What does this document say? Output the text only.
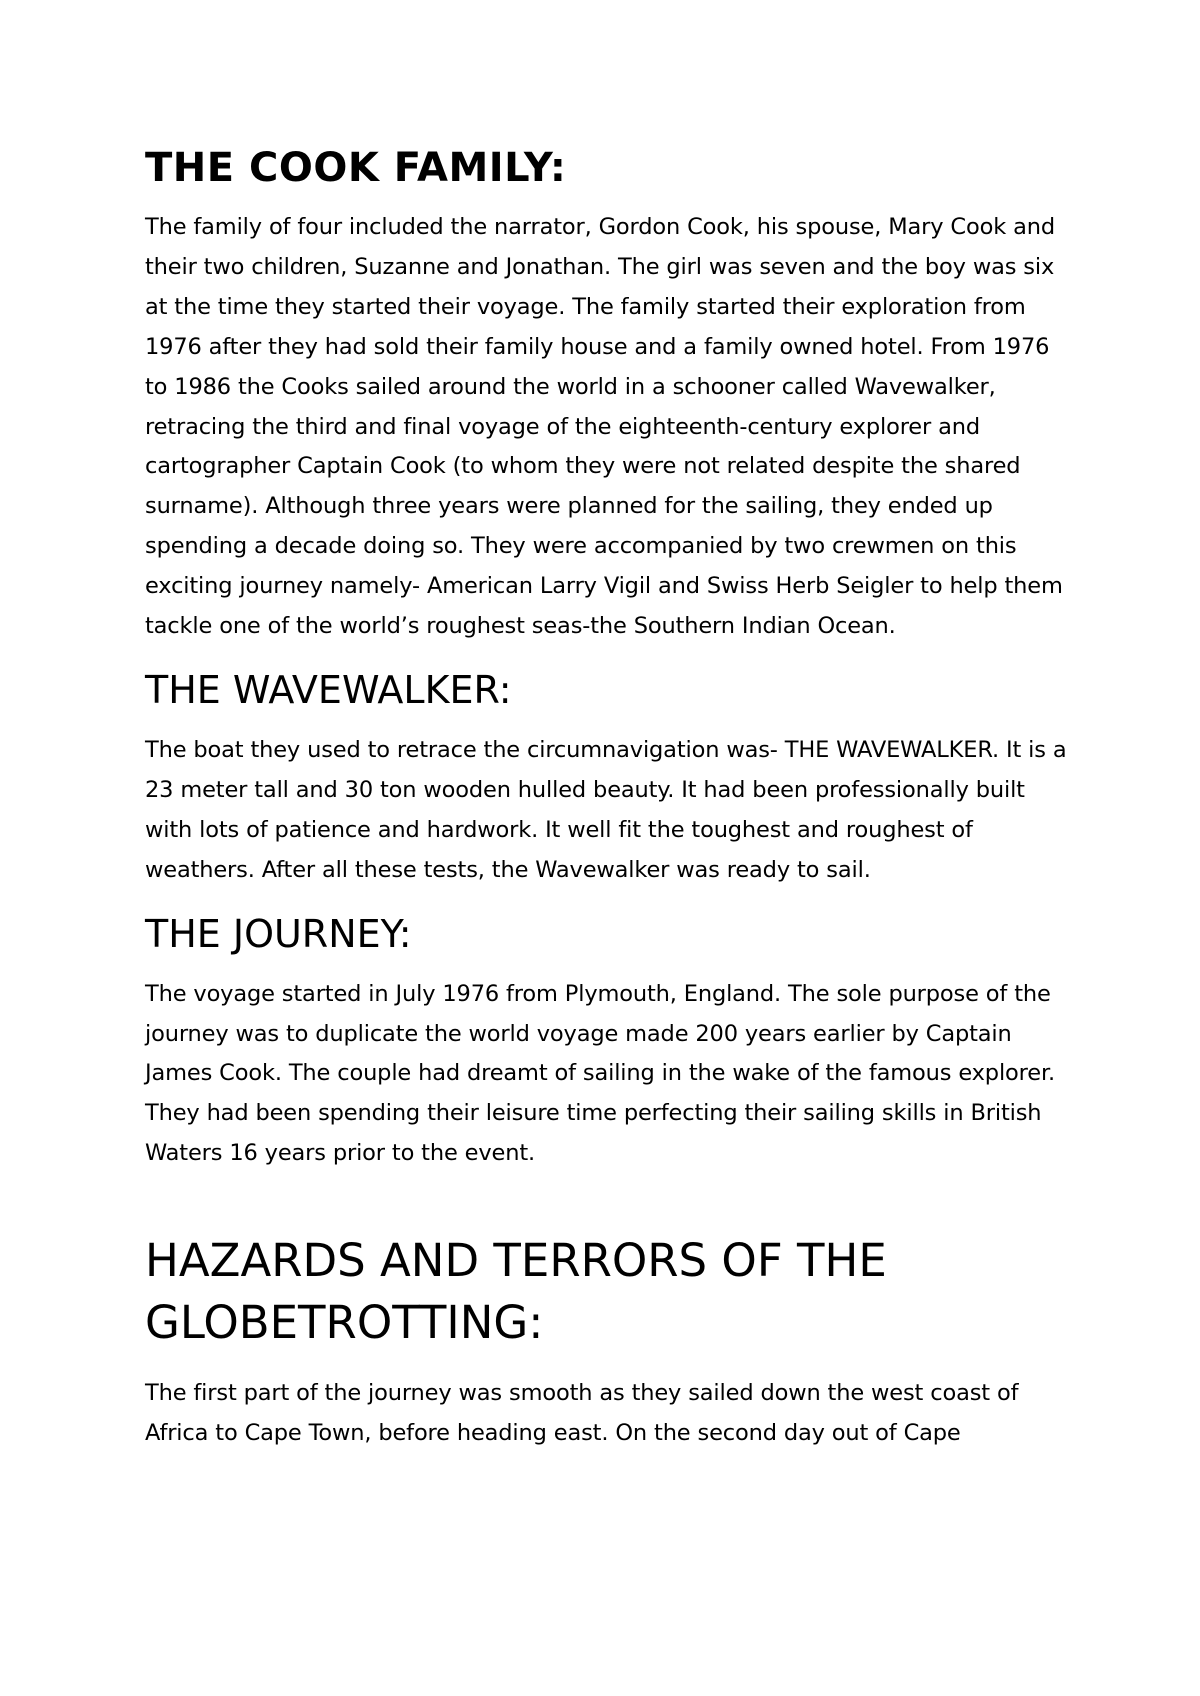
THE COOK FAMILY:

The family of four included the narrator, Gordon Cook, his spouse, Mary Cook and their two children, Suzanne and Jonathan. The girl was seven and the boy was six at the time they started their voyage. The family started their exploration from 1976 after they had sold their family house and a family owned hotel. From 1976 to 1986 the Cooks sailed around the world in a schooner called Wavewalker, retracing the third and final voyage of the eighteenth-century explorer and cartographer Captain Cook (to whom they were not related despite the shared surname). Although three years were planned for the sailing, they ended up spending a decade doing so. They were accompanied by two crewmen on this exciting journey namely- American Larry Vigil and Swiss Herb Seigler to help them tackle one of the world’s roughest seas-the Southern Indian Ocean.

THE WAVEWALKER:

The boat they used to retrace the circumnavigation was- THE WAVEWALKER. It is a 23 meter tall and 30 ton wooden hulled beauty. It had been professionally built with lots of patience and hardwork. It well fit the toughest and roughest of weathers. After all these tests, the Wavewalker was ready to sail.

THE JOURNEY:

The voyage started in July 1976 from Plymouth, England. The sole purpose of the journey was to duplicate the world voyage made 200 years earlier by Captain James Cook. The couple had dreamt of sailing in the wake of the famous explorer. They had been spending their leisure time perfecting their sailing skills in British Waters 16 years prior to the event.

HAZARDS AND TERRORS OF THE GLOBETROTTING:

The first part of the journey was smooth as they sailed down the west coast of Africa to Cape Town, before heading east. On the second day out of Cape
